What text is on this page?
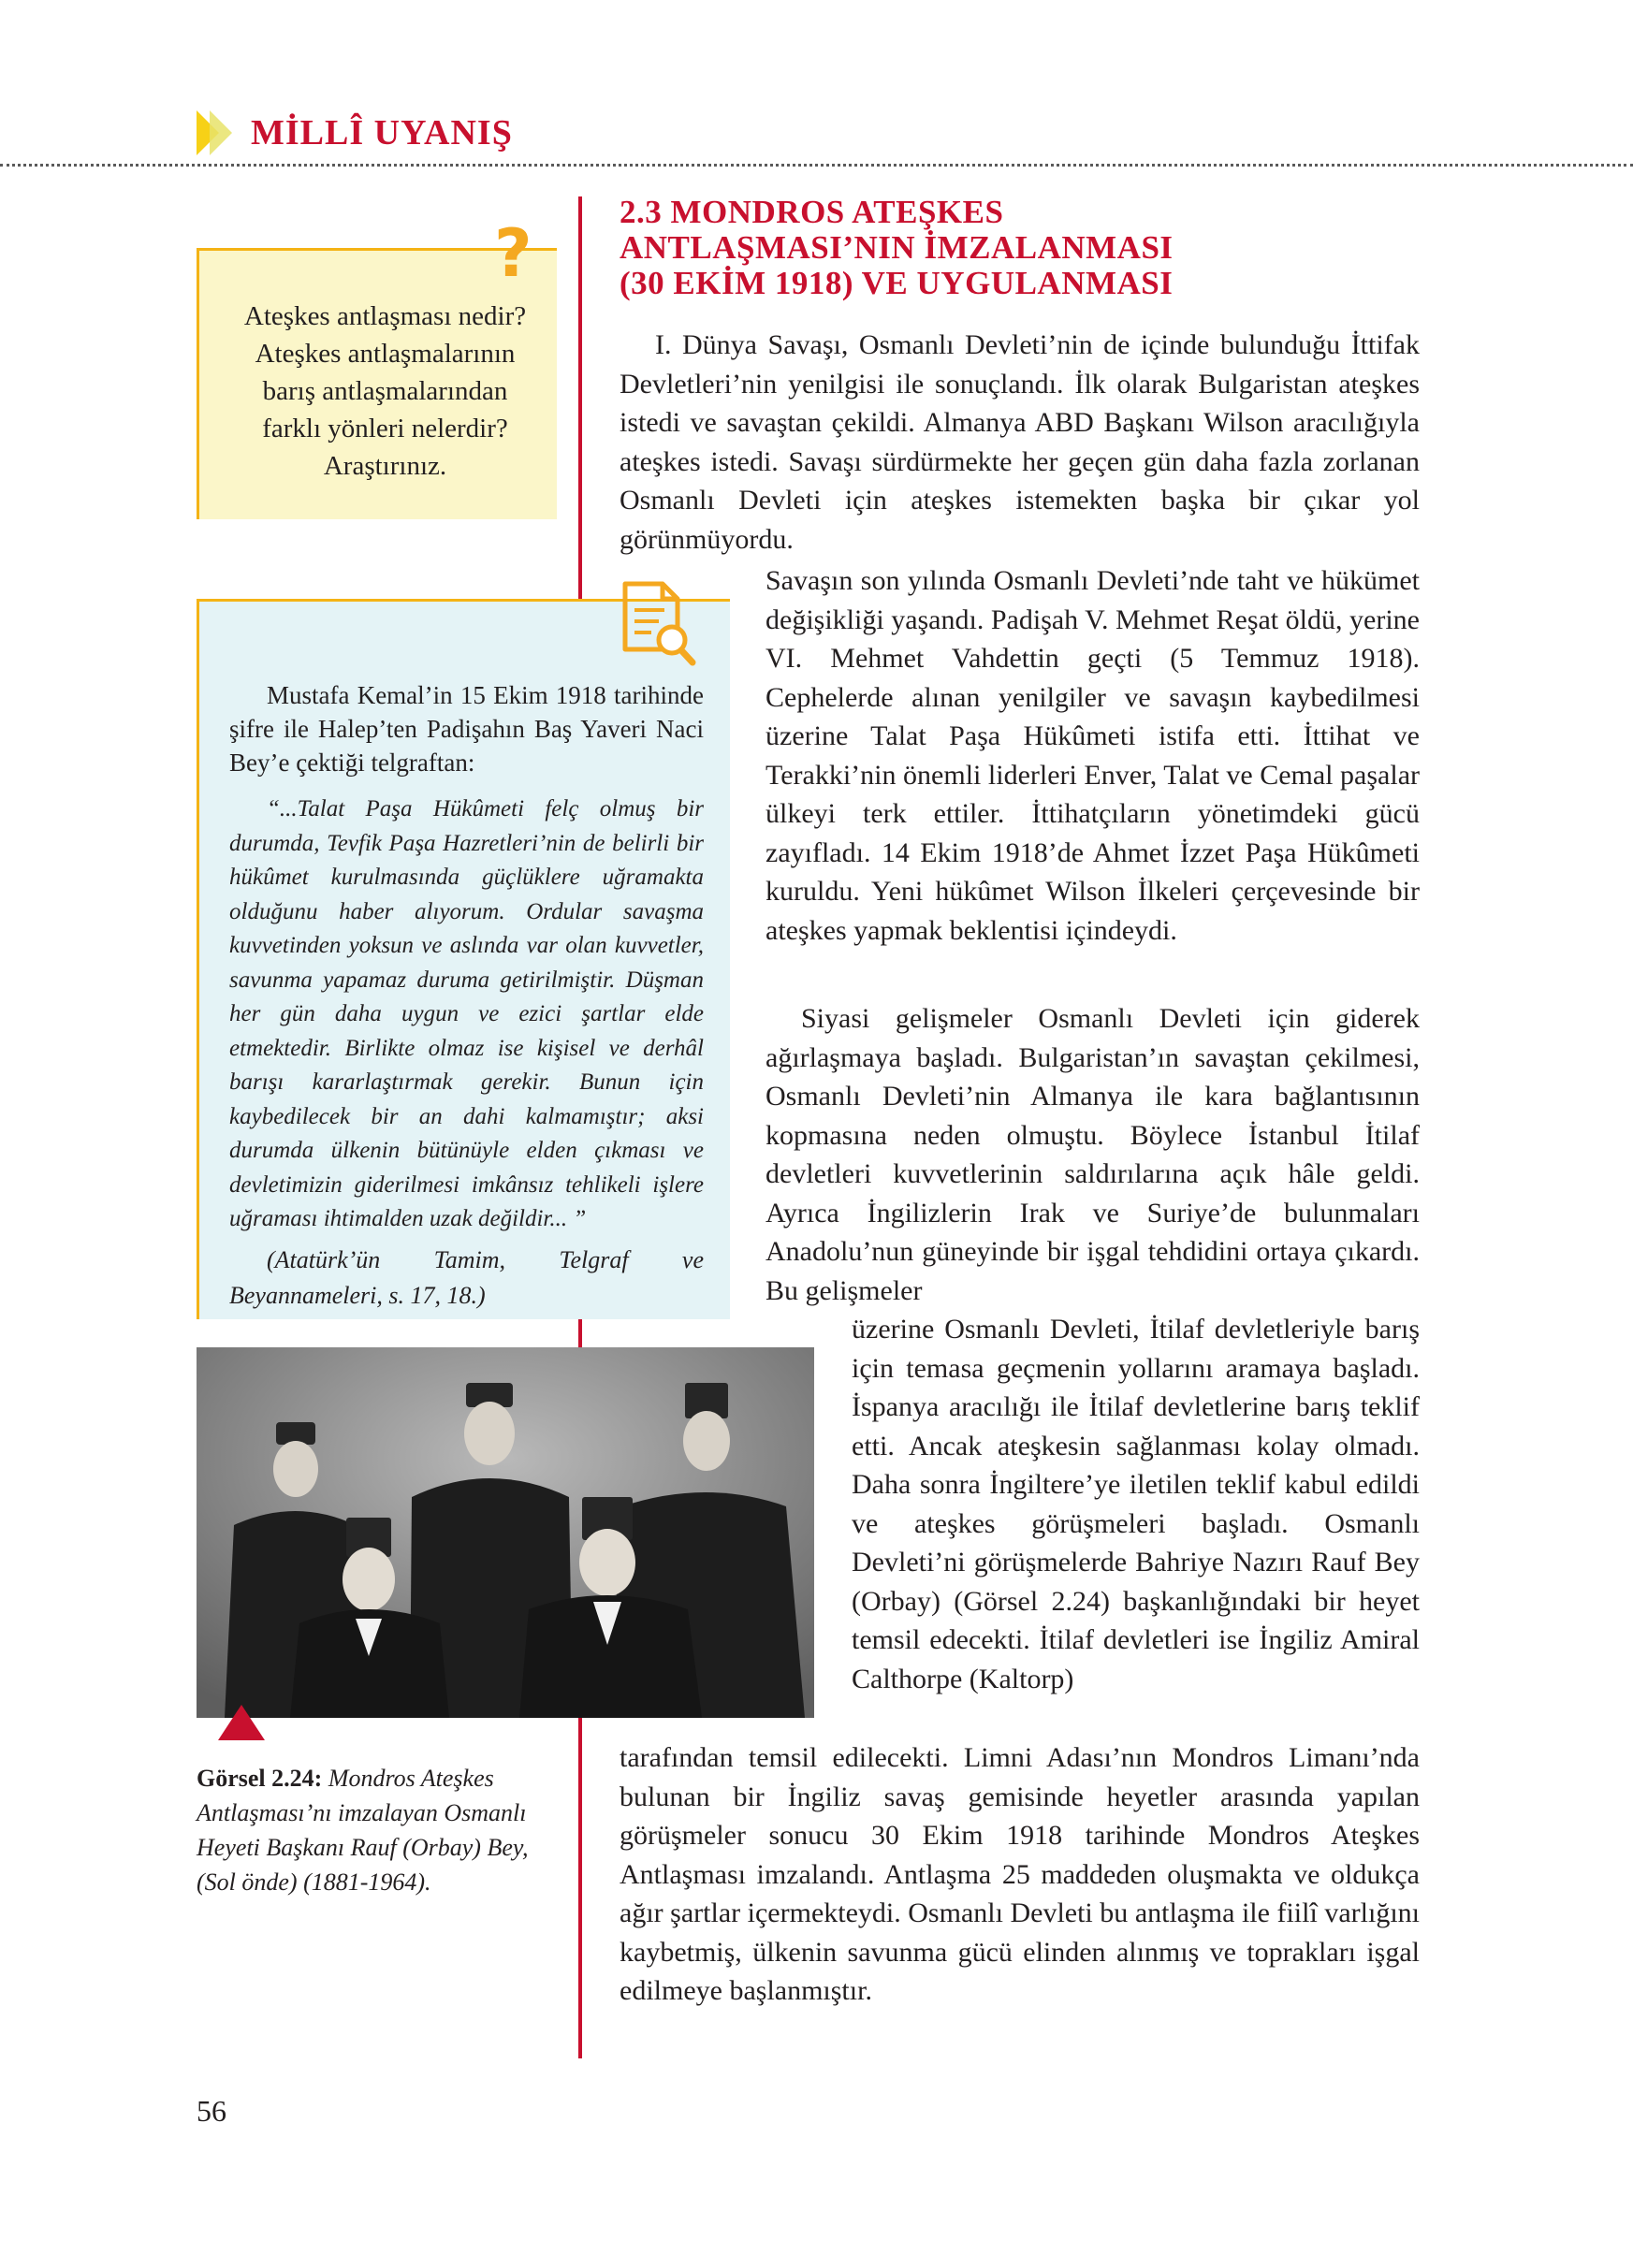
MİLLÎ UYANIŞ
Ateşkes antlaşması nedir? Ateşkes antlaşmalarının barış antlaşmalarından farklı yönleri nelerdir? Araştırınız.
?

Mustafa Kemal’in 15 Ekim 1918 tarihinde şifre ile Halep’ten Padişahın Baş Yaveri Naci Bey’e çektiği telgraftan:

“...Talat Paşa Hükûmeti felç olmuş bir durumda, Tevfik Paşa Hazretleri’nin de belirli bir hükûmet kurulmasında güçlüklere uğramakta olduğunu haber alıyorum. Ordular savaşma kuvvetinden yoksun ve aslında var olan kuvvetler, savunma yapamaz duruma getirilmiştir. Düşman her gün daha uygun ve ezici şartlar elde etmektedir. Birlikte olmaz ise kişisel ve derhâl barışı kararlaştırmak gerekir. Bunun için kaybedilecek bir an dahi kalmamıştır; aksi durumda ülkenin bütünüyle elden çıkması ve devletimizin giderilmesi imkânsız tehlikeli işlere uğraması ihtimalden uzak değildir... ”

(Atatürk’ün Tamim, Telgraf ve Beyannameleri, s. 17, 18.)

Görsel 2.24: Mondros Ateşkes Antlaşması’nı imzalayan Osmanlı Heyeti Başkanı Rauf (Orbay) Bey, (Sol önde) (1881-1964).
2.3 MONDROS ATEŞKES
ANTLAŞMASI’NIN İMZALANMASI
(30 EKİM 1918) VE UYGULANMASI

I. Dünya Savaşı, Osmanlı Devleti’nin de içinde bulunduğu İttifak Devletleri’nin yenilgisi ile sonuçlandı. İlk olarak Bulgaristan ateşkes istedi ve savaştan çekildi. Almanya ABD Başkanı Wilson aracılığıyla ateşkes istedi. Savaşı sürdürmekte her geçen gün daha fazla zorlanan Osmanlı Devleti için ateşkes istemekten başka bir çıkar yol görünmüyordu.

Savaşın son yılında Osmanlı Devleti’nde taht ve hükümet değişikliği yaşandı. Padişah V. Mehmet Reşat öldü, yerine VI. Mehmet Vahdettin geçti (5 Temmuz 1918). Cephelerde alınan yenilgiler ve savaşın kaybedilmesi üzerine Talat Paşa Hükûmeti istifa etti. İttihat ve Terakki’nin önemli liderleri Enver, Talat ve Cemal paşalar ülkeyi terk ettiler. İttihatçıların yönetimdeki gücü zayıfladı. 14 Ekim 1918’de Ahmet İzzet Paşa Hükûmeti kuruldu. Yeni hükûmet Wilson İlkeleri çerçevesinde bir ateşkes yapmak beklentisi içindeydi.

Siyasi gelişmeler Osmanlı Devleti için giderek ağırlaşmaya başladı. Bulgaristan’ın savaştan çekilmesi, Osmanlı Devleti’nin Almanya ile kara bağlantısının kopmasına neden olmuştu. Böylece İstanbul İtilaf devletleri kuvvetlerinin saldırılarına açık hâle geldi. Ayrıca İngilizlerin Irak ve Suriye’de bulunmaları Anadolu’nun güneyinde bir işgal tehdidini ortaya çıkardı. Bu gelişmeler

üzerine Osmanlı Devleti, İtilaf devletleriyle barış için temasa geçmenin yollarını aramaya başladı. İspanya aracılığı ile İtilaf devletlerine barış teklif etti. Ancak ateşkesin sağlanması kolay olmadı. Daha sonra İngiltere’ye iletilen teklif kabul edildi ve ateşkes görüşmeleri başladı. Osmanlı Devleti’ni görüşmelerde Bahriye Nazırı Rauf Bey (Orbay) (Görsel 2.24) başkanlığındaki bir heyet temsil edecekti. İtilaf devletleri ise İngiliz Amiral Calthorpe (Kaltorp)

tarafından temsil edilecekti. Limni Adası’nın Mondros Limanı’nda bulunan bir İngiliz savaş gemisinde heyetler arasında yapılan görüşmeler sonucu 30 Ekim 1918 tarihinde Mondros Ateşkes Antlaşması imzalandı. Antlaşma 25 maddeden oluşmakta ve oldukça ağır şartlar içermekteydi. Osmanlı Devleti bu antlaşma ile fiilî varlığını kaybetmiş, ülkenin savunma gücü elinden alınmış ve toprakları işgal edilmeye başlanmıştır.

56
